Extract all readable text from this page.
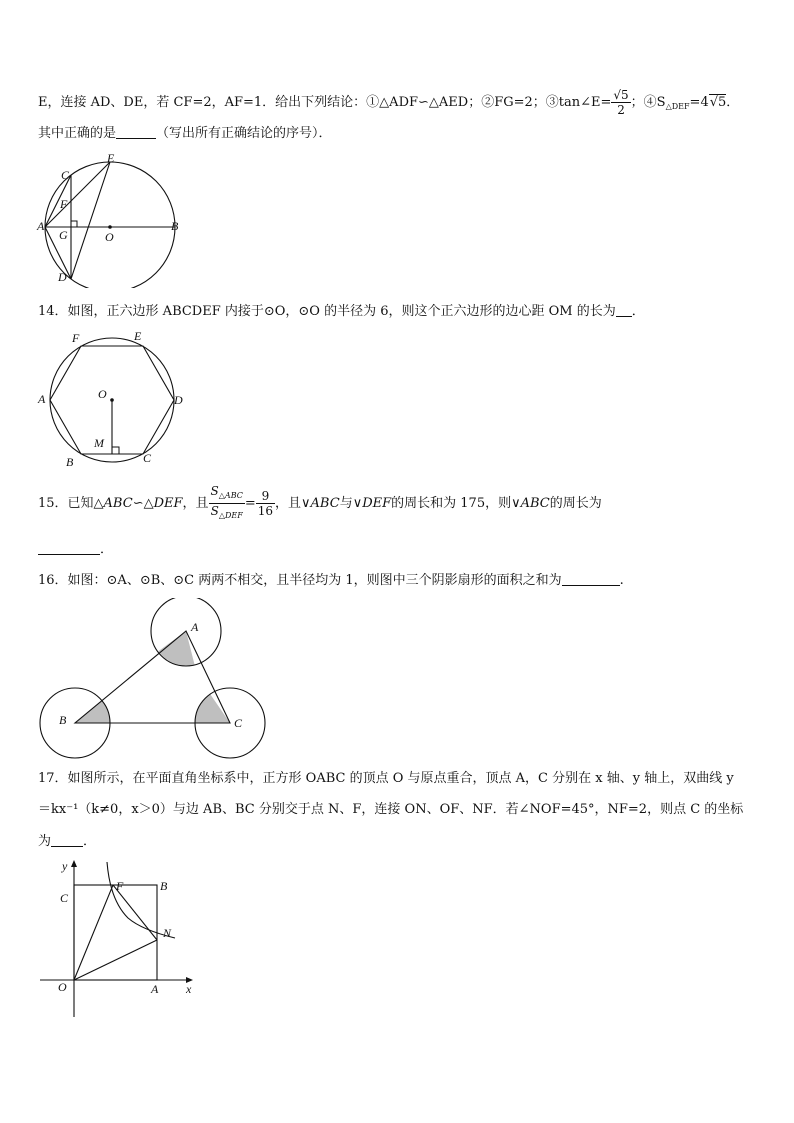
E，连接 AD、DE，若 CF=2，AF=1．给出下列结论：①△ADF∽△AED；②FG=2；③tan∠E= $\frac{√5}{2}$ ；$④S_{\triangle DEF}=4√5$．
其中正确的是	（写出所有正确结论的序号）．
C
E
F
A
G	O
B
D
14．如图，正六边形 ABCDEF 内接于⊙O，⊙O 的半径为 6，则这个正六边形的边心距 OM 的长为 ．
F	E
A	O	D
M
B	C
15．已知△ABC∽△DEF，且 $\frac{S_{\triangle ABC}}{S_{\triangle DEF}} = \frac{9}{16}$ ，且∨ABC与∨DEF的周长和为 175，则∨ABC的周长为
．
16．如图：⊙A、⊙B、⊙C 两两不相交，且半径均为 1，则图中三个阴影扇形的面积之和为	.
A
B	C
17．如图所示，在平面直角坐标系中，正方形 OABC 的顶点 O 与原点重合，顶点 A，C 分别在 x 轴、y 轴上，双曲线 y
＝kx⁻¹（k≠0，x＞0）与边 AB、BC 分别交于点 N、F，连接 ON、OF、NF．若∠NOF=45°，NF=2，则点 C 的坐标
为 ．
y
C
F	B
N
O	A x
